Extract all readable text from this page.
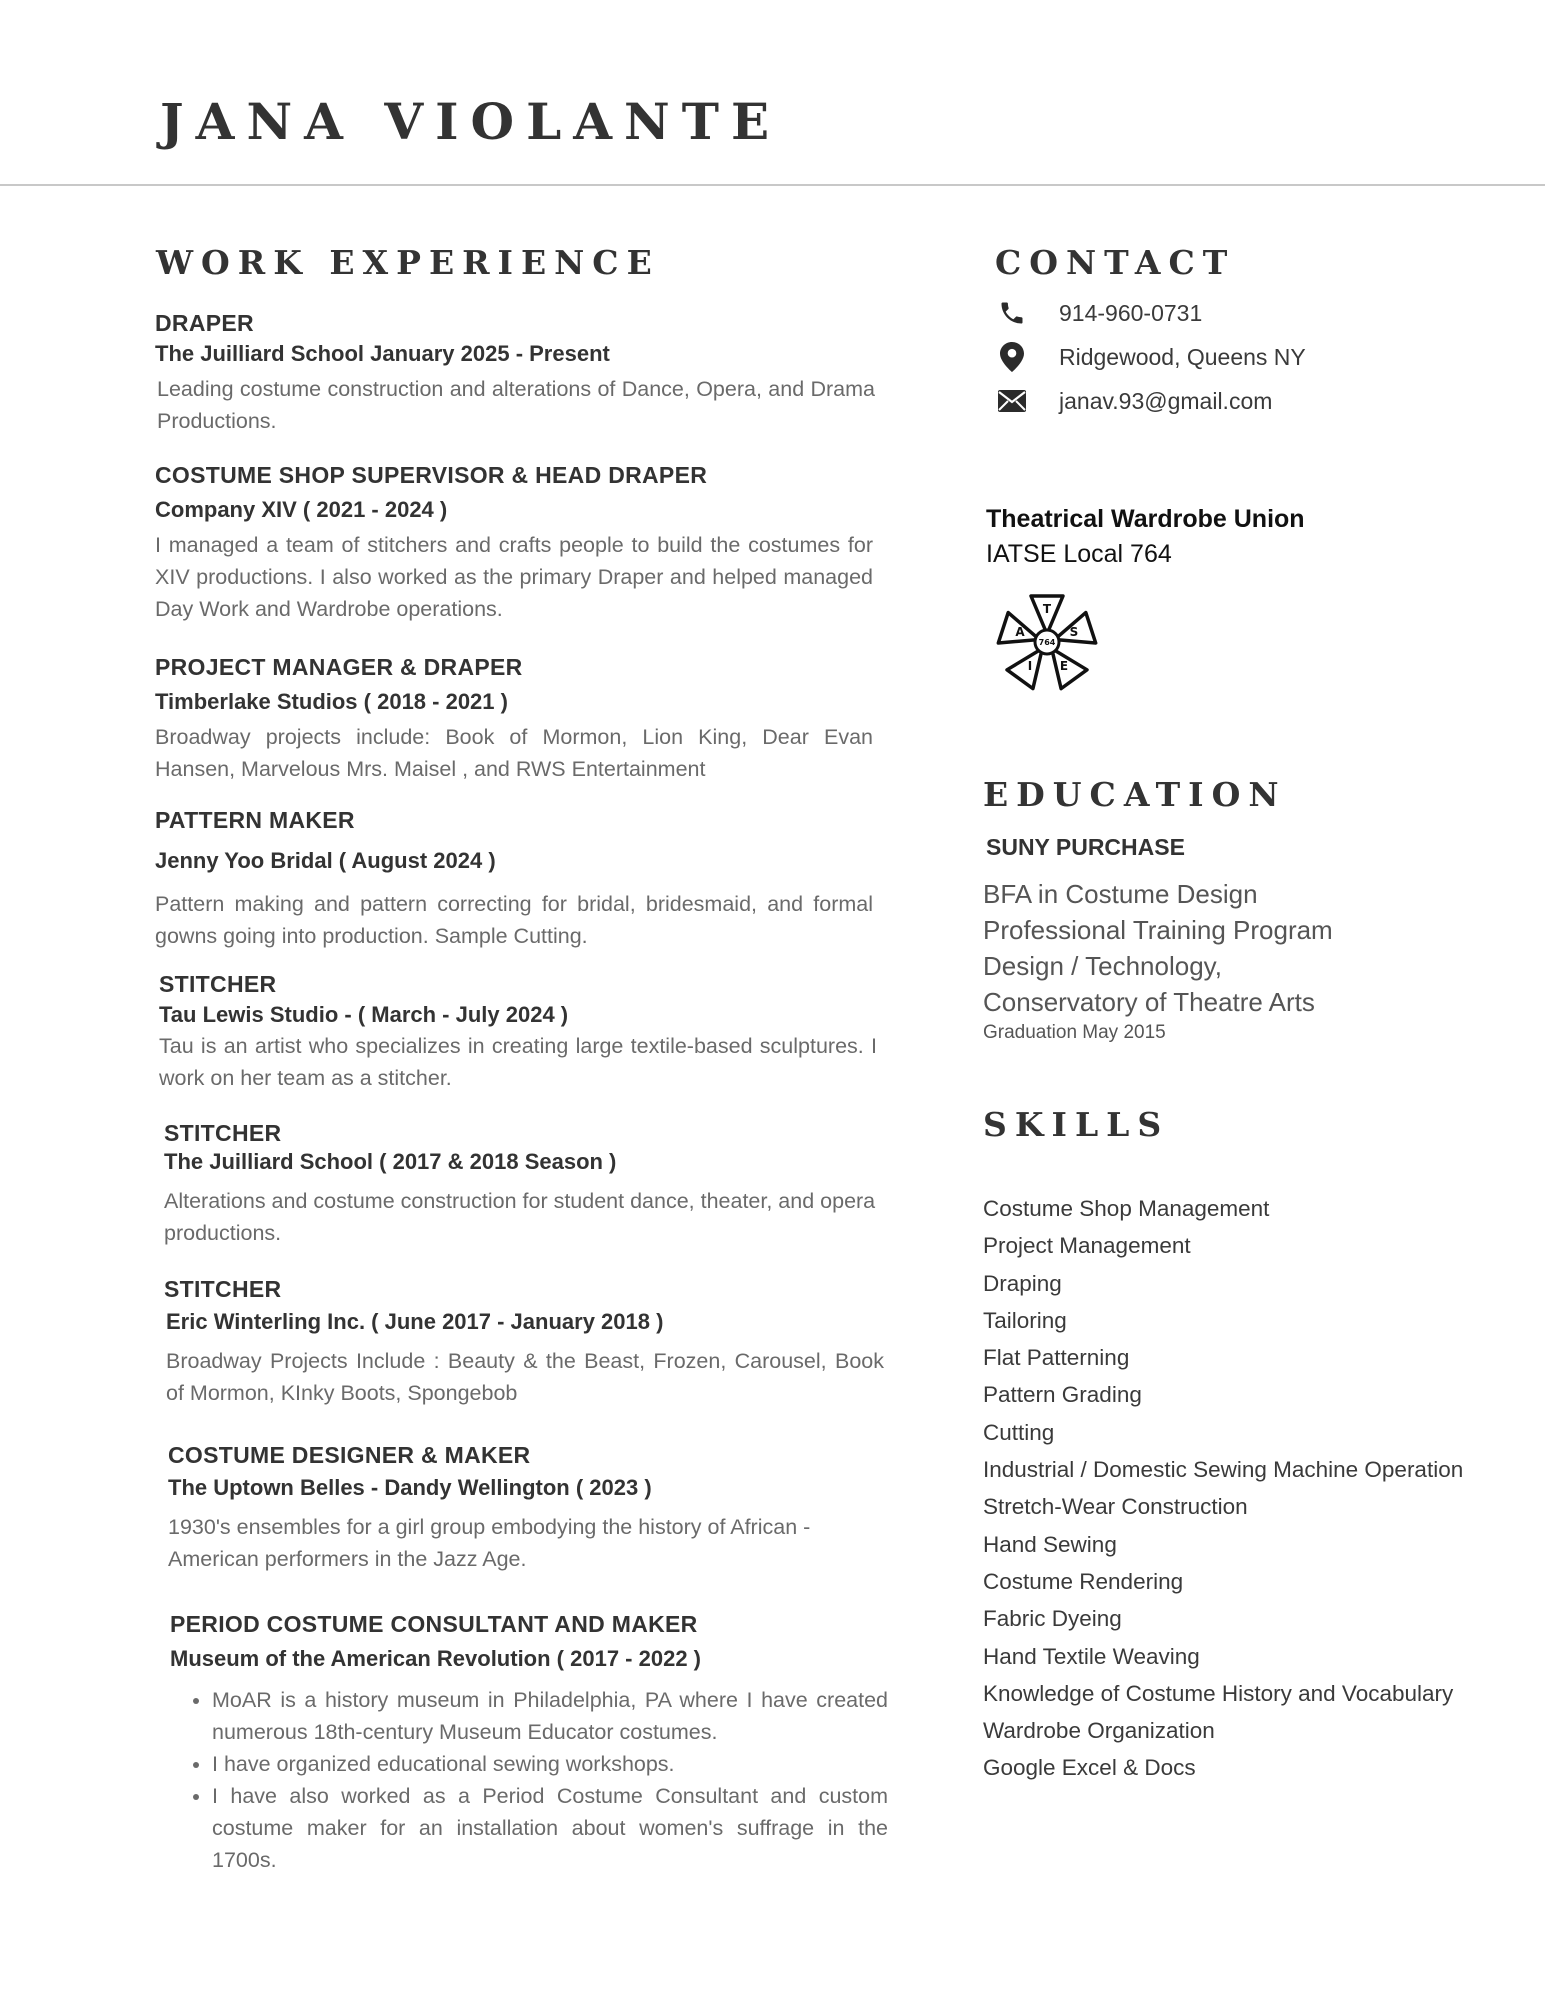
JANA VIOLANTE
WORK EXPERIENCE
DRAPER
The Juilliard School January 2025 - Present
Leading costume construction and alterations of Dance, Opera, and Drama Productions.
COSTUME SHOP SUPERVISOR & HEAD DRAPER
Company XIV ( 2021 - 2024 )
I managed a team of stitchers and crafts people to build the costumes for XIV productions. I also worked as the primary Draper and helped managed Day Work and Wardrobe operations.
PROJECT MANAGER & DRAPER
Timberlake Studios ( 2018 - 2021 )
Broadway projects include: Book of Mormon, Lion King, Dear Evan Hansen, Marvelous Mrs. Maisel , and RWS Entertainment
PATTERN MAKER
Jenny Yoo Bridal ( August 2024 )
Pattern making and pattern correcting for bridal, bridesmaid, and formal gowns going into production. Sample Cutting.
STITCHER
Tau Lewis Studio - ( March - July 2024 )
Tau is an artist who specializes in creating large textile-based sculptures. I work on her team as a stitcher.
STITCHER
The Juilliard School ( 2017 & 2018 Season )
Alterations and costume construction for student dance, theater, and opera productions.
STITCHER
Eric Winterling Inc. ( June 2017 - January 2018 )
Broadway Projects Include : Beauty & the Beast, Frozen, Carousel, Book of Mormon, KInky Boots, Spongebob
COSTUME DESIGNER & MAKER
The Uptown Belles - Dandy Wellington ( 2023 )
1930's ensembles for a girl group embodying the history of African - American performers in the Jazz Age.
PERIOD COSTUME CONSULTANT AND MAKER
Museum of the American Revolution ( 2017 - 2022 )
• MoAR is a history museum in Philadelphia, PA where I have created numerous 18th-century Museum Educator costumes.
• I have organized educational sewing workshops.
• I have also worked as a Period Costume Consultant and custom costume maker for an installation about women's suffrage in the 1700s.
CONTACT
914-960-0731
Ridgewood, Queens NY
janav.93@gmail.com
Theatrical Wardrobe Union
IATSE Local 764
T
S
E
I
A
764
EDUCATION
SUNY PURCHASE
BFA in Costume Design
Professional Training Program
Design / Technology,
Conservatory of Theatre Arts
Graduation May 2015
SKILLS
Costume Shop Management
Project Management
Draping
Tailoring
Flat Patterning
Pattern Grading
Cutting
Industrial / Domestic Sewing Machine Operation
Stretch-Wear Construction
Hand Sewing
Costume Rendering
Fabric Dyeing
Hand Textile Weaving
Knowledge of Costume History and Vocabulary
Wardrobe Organization
Google Excel & Docs
